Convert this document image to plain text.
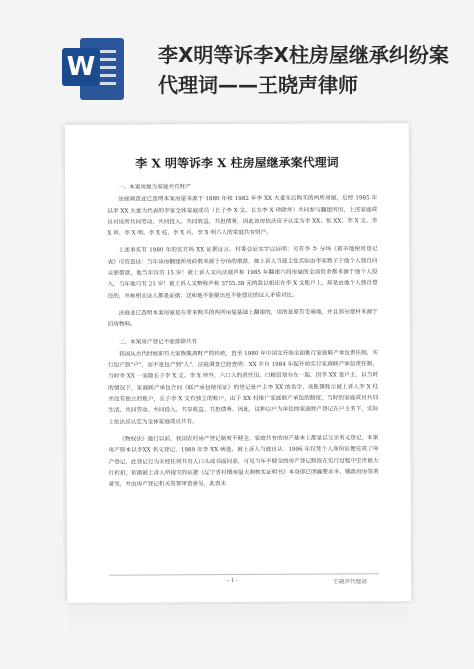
W	李X明等诉李X柱房屋继承纠纷案代理词——王晓声律师
李 X 明等诉李 X 柱房屋继承案代理词

一、本案房屋为家庭共有财产

法庭调查业已查明本案房屋来源于 1880 年和 1982 年李 XX 夫妻先后购买的两所房屋，后经 1985 年以李 XX 夫妻为代表的李家全体家庭成员（长子李 X 文、长女李 X 珍除外）共同参与翻建所用，上述家庭成员对该所共同劳动、共同投入、共同收益、共担债务，因此该房依法应予认定为李 XX、张 XX、李 X 文、李 X 珍、李 X 明、李 X 柱、李 X 兵、李 X 明六人的家庭共有财产。

上述事实有 1980 年的实方吗 XX 证据证言、村委会证实字以证明：另有李 乡 分场《艰辛地使用登记表》可资查证：当年该房翻建所用砖数来源于分场的借款，被上诉人当庭主张实际由李家数子于他个人独自向亲朋借款，他当年仅有 15 岁！被上诉人又向法庭声称 1985 年翻建六间房屋的全部资金都来源于他个人投入，当年他只有 21 岁！被上诉人又辩称声称 3755.38 元的款以相还在李 X 文账户上，却是由他个人独自偿还的，并称相关证人都是证据，这和他不能提出也不能偿还的证人矛盾对比。

法庭业已查明本案房屋是在原来购买的两所房屋基础上翻建的，用的是原有宅基地，并且部分建材来源于旧房物料。

二、本案房产登记不能排除共有

我国从古代时候即有大家族集离财产的传统，直至 1980 年中国文开始全面推行家庭联产承包责任制，实行包产到"户"，而不是包产到"人"，法庭调查已经查明：XX 乡自 1984 年起开始实行家庭联产承包责任制，当时李 XX 一家除长子李 X 文、李 X 珍外，六口人的责任田，口粮田划分在一起，因李 XX 是户主，以当时的情况下，家庭联产承包合同《联产承包使用证》的登记是户主李 XX 的名字，该账簿账示被上诉人李 X 柱并没有独立的账户，长子李 X 文有独立的账户，由于 XX 村推广家庭联产承包的制度，当时的家庭成员共同生活、共同劳动、共同投入、共享收益、共担债务，因此，这种以户为单位的家庭财产登记在户主名下，实际上依法应认定为全体家庭成员共有。

《物权法》施行以前，我国农村房产登记制度不健全，家庭共有的房产基本上都是以父亲名义登记，本案房产原本以李XX 名义登记，1989 年李 XX 病逝，被上诉人当庭自认：1996 年仅凭个人身份证便完成了房产登记，此登记行为未经任何共有人口头或书面同意，可见当年不健全的房产登记制度在实行过程中宝贵被大打折扣，依据被上诉人所提交的证据《辽宁省村镇房屋大测核实证明书》本身即已明确要求多、镇政府房签署意见，并由房产登记机关签署审查意见，此表未

- 1 -	王晓声代理词
